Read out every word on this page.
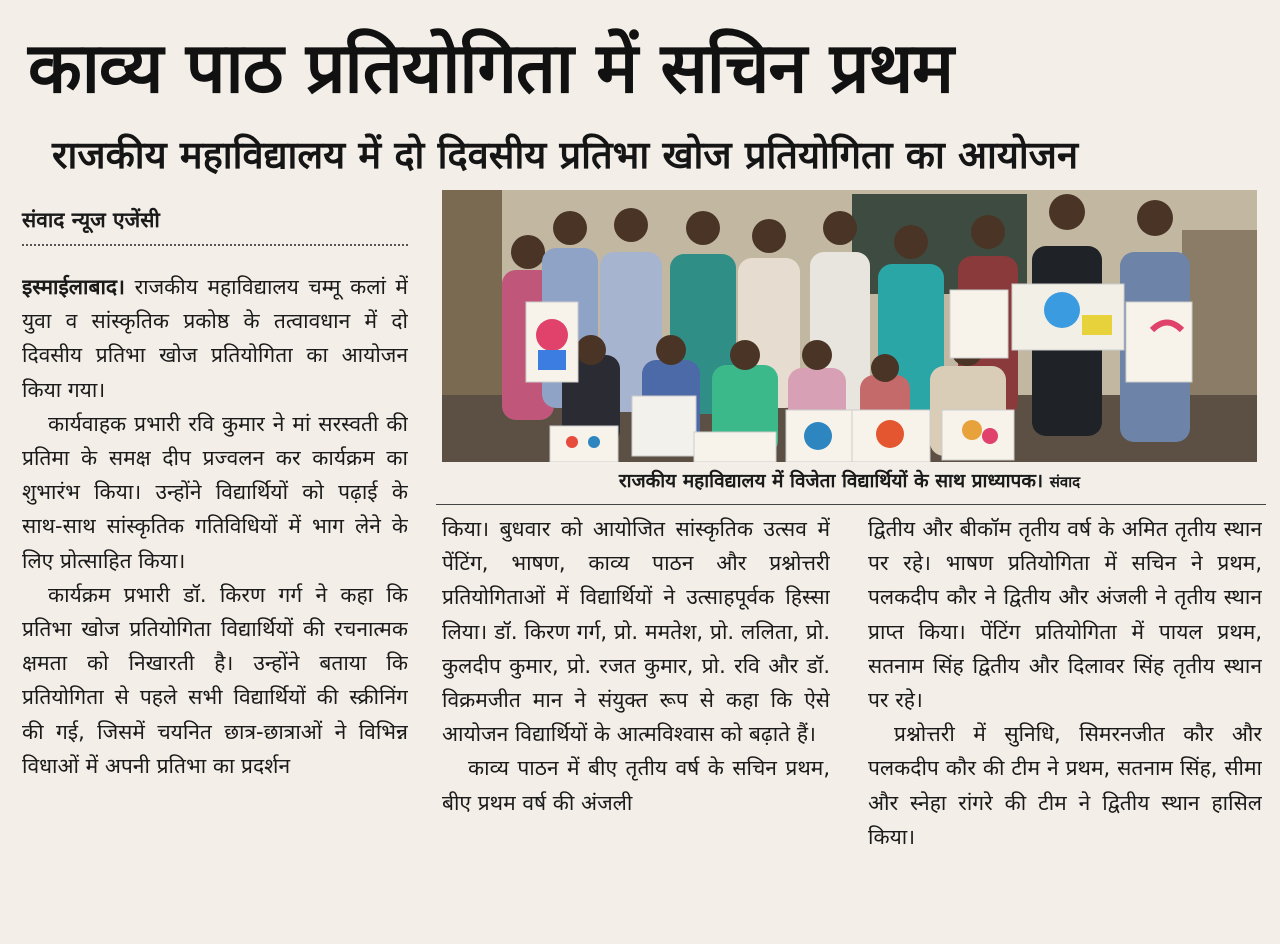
काव्य पाठ प्रतियोगिता में सचिन प्रथम
राजकीय महाविद्यालय में दो दिवसीय प्रतिभा खोज प्रतियोगिता का आयोजन
संवाद न्यूज एजेंसी

इस्माईलाबाद। राजकीय महाविद्यालय चम्मू कलां में युवा व सांस्कृतिक प्रकोष्ठ के तत्वावधान में दो दिवसीय प्रतिभा खोज प्रतियोगिता का आयोजन किया गया।

कार्यवाहक प्रभारी रवि कुमार ने मां सरस्वती की प्रतिमा के समक्ष दीप प्रज्वलन कर कार्यक्रम का शुभारंभ किया। उन्होंने विद्यार्थियों को पढ़ाई के साथ-साथ सांस्कृतिक गतिविधियों में भाग लेने के लिए प्रोत्साहित किया।

कार्यक्रम प्रभारी डॉ. किरण गर्ग ने कहा कि प्रतिभा खोज प्रतियोगिता विद्यार्थियों की रचनात्मक क्षमता को निखारती है। उन्होंने बताया कि प्रतियोगिता से पहले सभी विद्यार्थियों की स्क्रीनिंग की गई, जिसमें चयनित छात्र-छात्राओं ने विभिन्न विधाओं में अपनी प्रतिभा का प्रदर्शन

राजकीय महाविद्यालय में विजेता विद्यार्थियों के साथ प्राध्यापक। संवाद

किया। बुधवार को आयोजित सांस्कृतिक उत्सव में पेंटिंग, भाषण, काव्य पाठन और प्रश्नोत्तरी प्रतियोगिताओं में विद्यार्थियों ने उत्साहपूर्वक हिस्सा लिया। डॉ. किरण गर्ग, प्रो. ममतेश, प्रो. ललिता, प्रो. कुलदीप कुमार, प्रो. रजत कुमार, प्रो. रवि और डॉ. विक्रमजीत मान ने संयुक्त रूप से कहा कि ऐसे आयोजन विद्यार्थियों के आत्मविश्वास को बढ़ाते हैं।

काव्य पाठन में बीए तृतीय वर्ष के सचिन प्रथम, बीए प्रथम वर्ष की अंजली

द्वितीय और बीकॉम तृतीय वर्ष के अमित तृतीय स्थान पर रहे। भाषण प्रतियोगिता में सचिन ने प्रथम, पलकदीप कौर ने द्वितीय और अंजली ने तृतीय स्थान प्राप्त किया। पेंटिंग प्रतियोगिता में पायल प्रथम, सतनाम सिंह द्वितीय और दिलावर सिंह तृतीय स्थान पर रहे।

प्रश्नोत्तरी में सुनिधि, सिमरनजीत कौर और पलकदीप कौर की टीम ने प्रथम, सतनाम सिंह, सीमा और स्नेहा रांगरे की टीम ने द्वितीय स्थान हासिल किया।
